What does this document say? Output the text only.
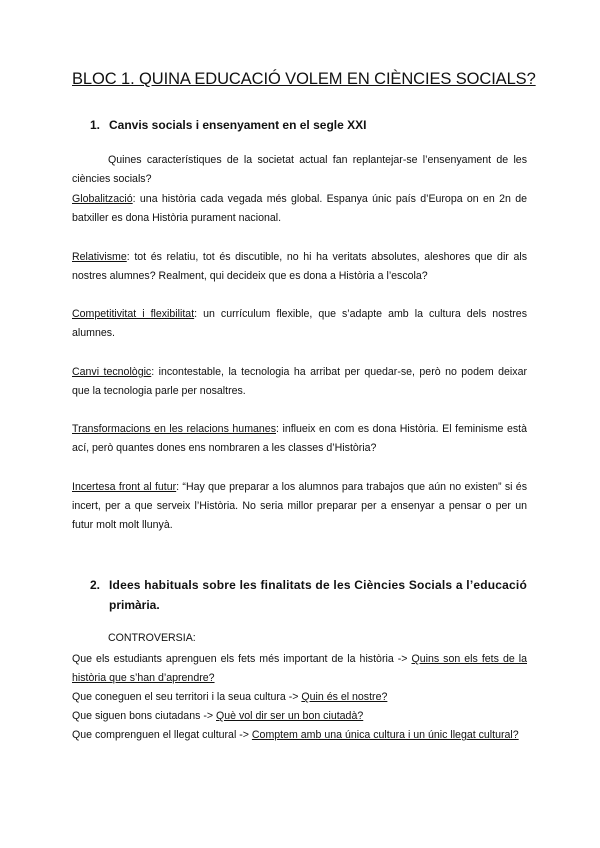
BLOC 1. QUINA EDUCACIÓ VOLEM EN CIÈNCIES SOCIALS?
1. Canvis socials i ensenyament en el segle XXI
Quines característiques de la societat actual fan replantejar-se l’ensenyament de les ciències socials?
Globalització: una història cada vegada més global. Espanya únic país d’Europa on en 2n de batxiller es dona Història purament nacional.
Relativisme: tot és relatiu, tot és discutible, no hi ha veritats absolutes, aleshores que dir als nostres alumnes? Realment, qui decideix que es dona a Història a l’escola?
Competitivitat i flexibilitat: un currículum flexible, que s’adapte amb la cultura dels nostres alumnes.
Canvi tecnològic: incontestable, la tecnologia ha arribat per quedar-se, però no podem deixar que la tecnologia parle per nosaltres.
Transformacions en les relacions humanes: influeix en com es dona Història. El feminisme està ací, però quantes dones ens nombraren a les classes d’Història?
Incertesa front al futur: “Hay que preparar a los alumnos para trabajos que aún no existen” si és incert, per a que serveix l’Història. No seria millor preparar per a ensenyar a pensar o per un futur molt molt llunyà.
2. Idees habituals sobre les finalitats de les Ciències Socials a l’educació
primària.
CONTROVERSIA:
Que els estudiants aprenguen els fets més important de la història -> Quins son els fets de la història que s’han d’aprendre?
Que coneguen el seu territori i la seua cultura -> Quin és el nostre?
Que siguen bons ciutadans -> Què vol dir ser un bon ciutadà?
Que comprenguen el llegat cultural -> Comptem amb una única cultura i un únic llegat cultural?
